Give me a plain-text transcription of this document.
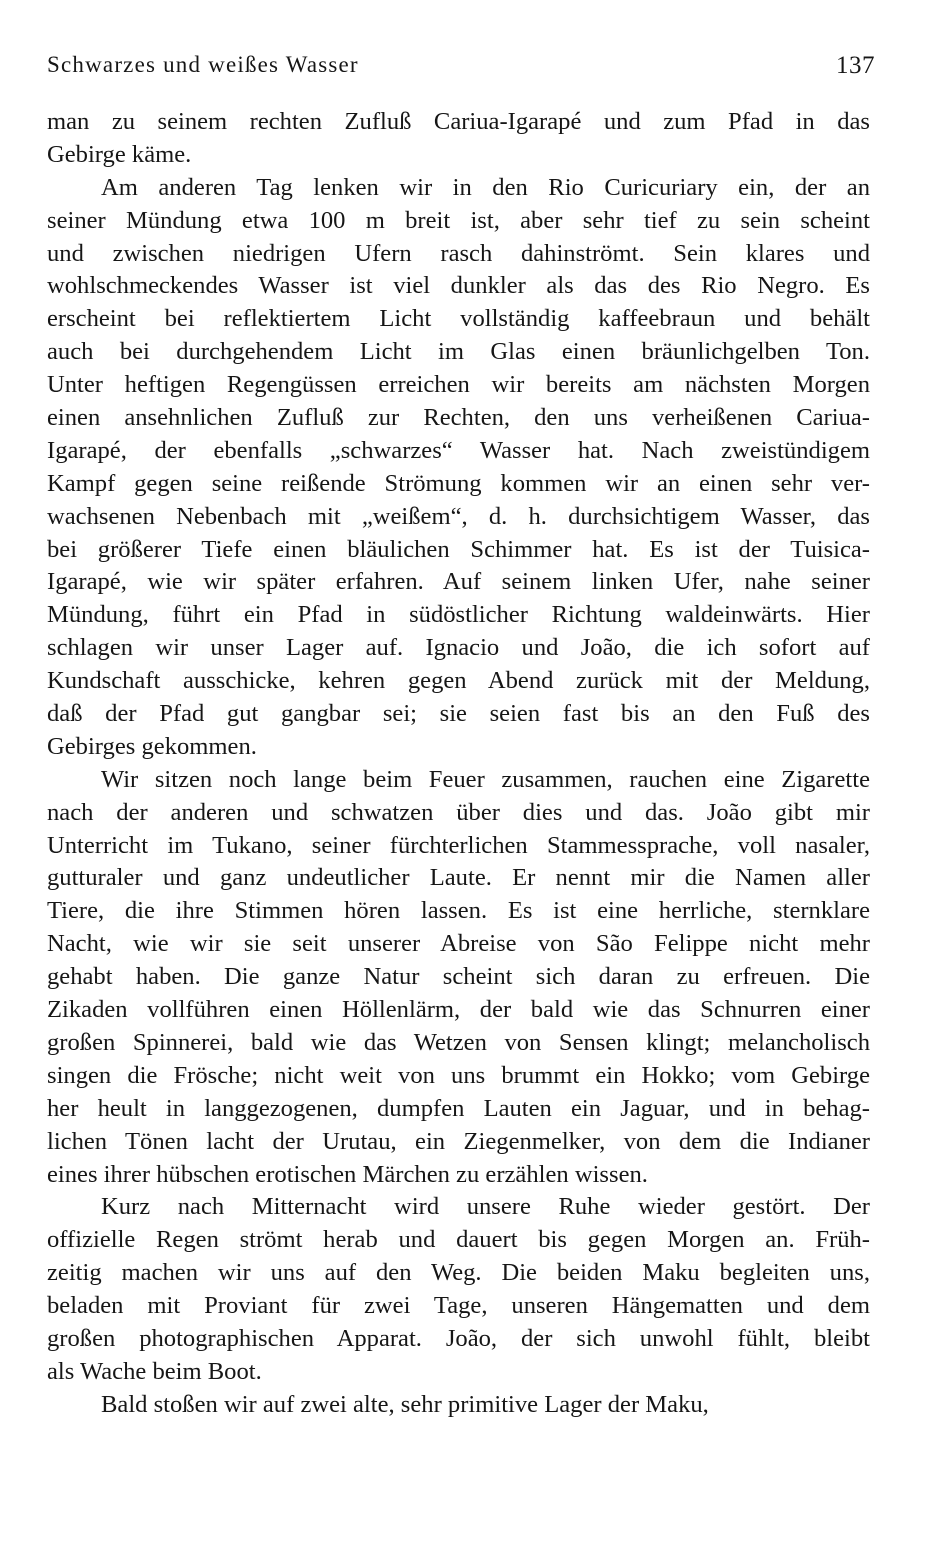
Schwarzes und weißes Wasser	137
man zu seinem rechten Zufluß Cariua-Igarapé und zum Pfad in das
Gebirge käme.
Am anderen Tag lenken wir in den Rio Curicuriary ein, der an
seiner Mündung etwa 100 m breit ist, aber sehr tief zu sein scheint
und zwischen niedrigen Ufern rasch dahinströmt. Sein klares und
wohlschmeckendes Wasser ist viel dunkler als das des Rio Negro. Es
erscheint bei reflektiertem Licht vollständig kaffeebraun und behält
auch bei durchgehendem Licht im Glas einen bräunlichgelben Ton.
Unter heftigen Regengüssen erreichen wir bereits am nächsten Morgen
einen ansehnlichen Zufluß zur Rechten, den uns verheißenen Cariua-
Igarapé, der ebenfalls „schwarzes“ Wasser hat. Nach zweistündigem
Kampf gegen seine reißende Strömung kommen wir an einen sehr ver-
wachsenen Nebenbach mit „weißem“, d. h. durchsichtigem Wasser, das
bei größerer Tiefe einen bläulichen Schimmer hat. Es ist der Tuisica-
Igarapé, wie wir später erfahren. Auf seinem linken Ufer, nahe seiner
Mündung, führt ein Pfad in südöstlicher Richtung waldeinwärts. Hier
schlagen wir unser Lager auf. Ignacio und João, die ich sofort auf
Kundschaft ausschicke, kehren gegen Abend zurück mit der Meldung,
daß der Pfad gut gangbar sei; sie seien fast bis an den Fuß des
Gebirges gekommen.
Wir sitzen noch lange beim Feuer zusammen, rauchen eine Zigarette
nach der anderen und schwatzen über dies und das. João gibt mir
Unterricht im Tukano, seiner fürchterlichen Stammessprache, voll nasaler,
gutturaler und ganz undeutlicher Laute. Er nennt mir die Namen aller
Tiere, die ihre Stimmen hören lassen. Es ist eine herrliche, sternklare
Nacht, wie wir sie seit unserer Abreise von São Felippe nicht mehr
gehabt haben. Die ganze Natur scheint sich daran zu erfreuen. Die
Zikaden vollführen einen Höllenlärm, der bald wie das Schnurren einer
großen Spinnerei, bald wie das Wetzen von Sensen klingt; melancholisch
singen die Frösche; nicht weit von uns brummt ein Hokko; vom Gebirge
her heult in langgezogenen, dumpfen Lauten ein Jaguar, und in behag-
lichen Tönen lacht der Urutau, ein Ziegenmelker, von dem die Indianer
eines ihrer hübschen erotischen Märchen zu erzählen wissen.
Kurz nach Mitternacht wird unsere Ruhe wieder gestört. Der
offizielle Regen strömt herab und dauert bis gegen Morgen an. Früh-
zeitig machen wir uns auf den Weg. Die beiden Maku begleiten uns,
beladen mit Proviant für zwei Tage, unseren Hängematten und dem
großen photographischen Apparat. João, der sich unwohl fühlt, bleibt
als Wache beim Boot.
Bald stoßen wir auf zwei alte, sehr primitive Lager der Maku,
